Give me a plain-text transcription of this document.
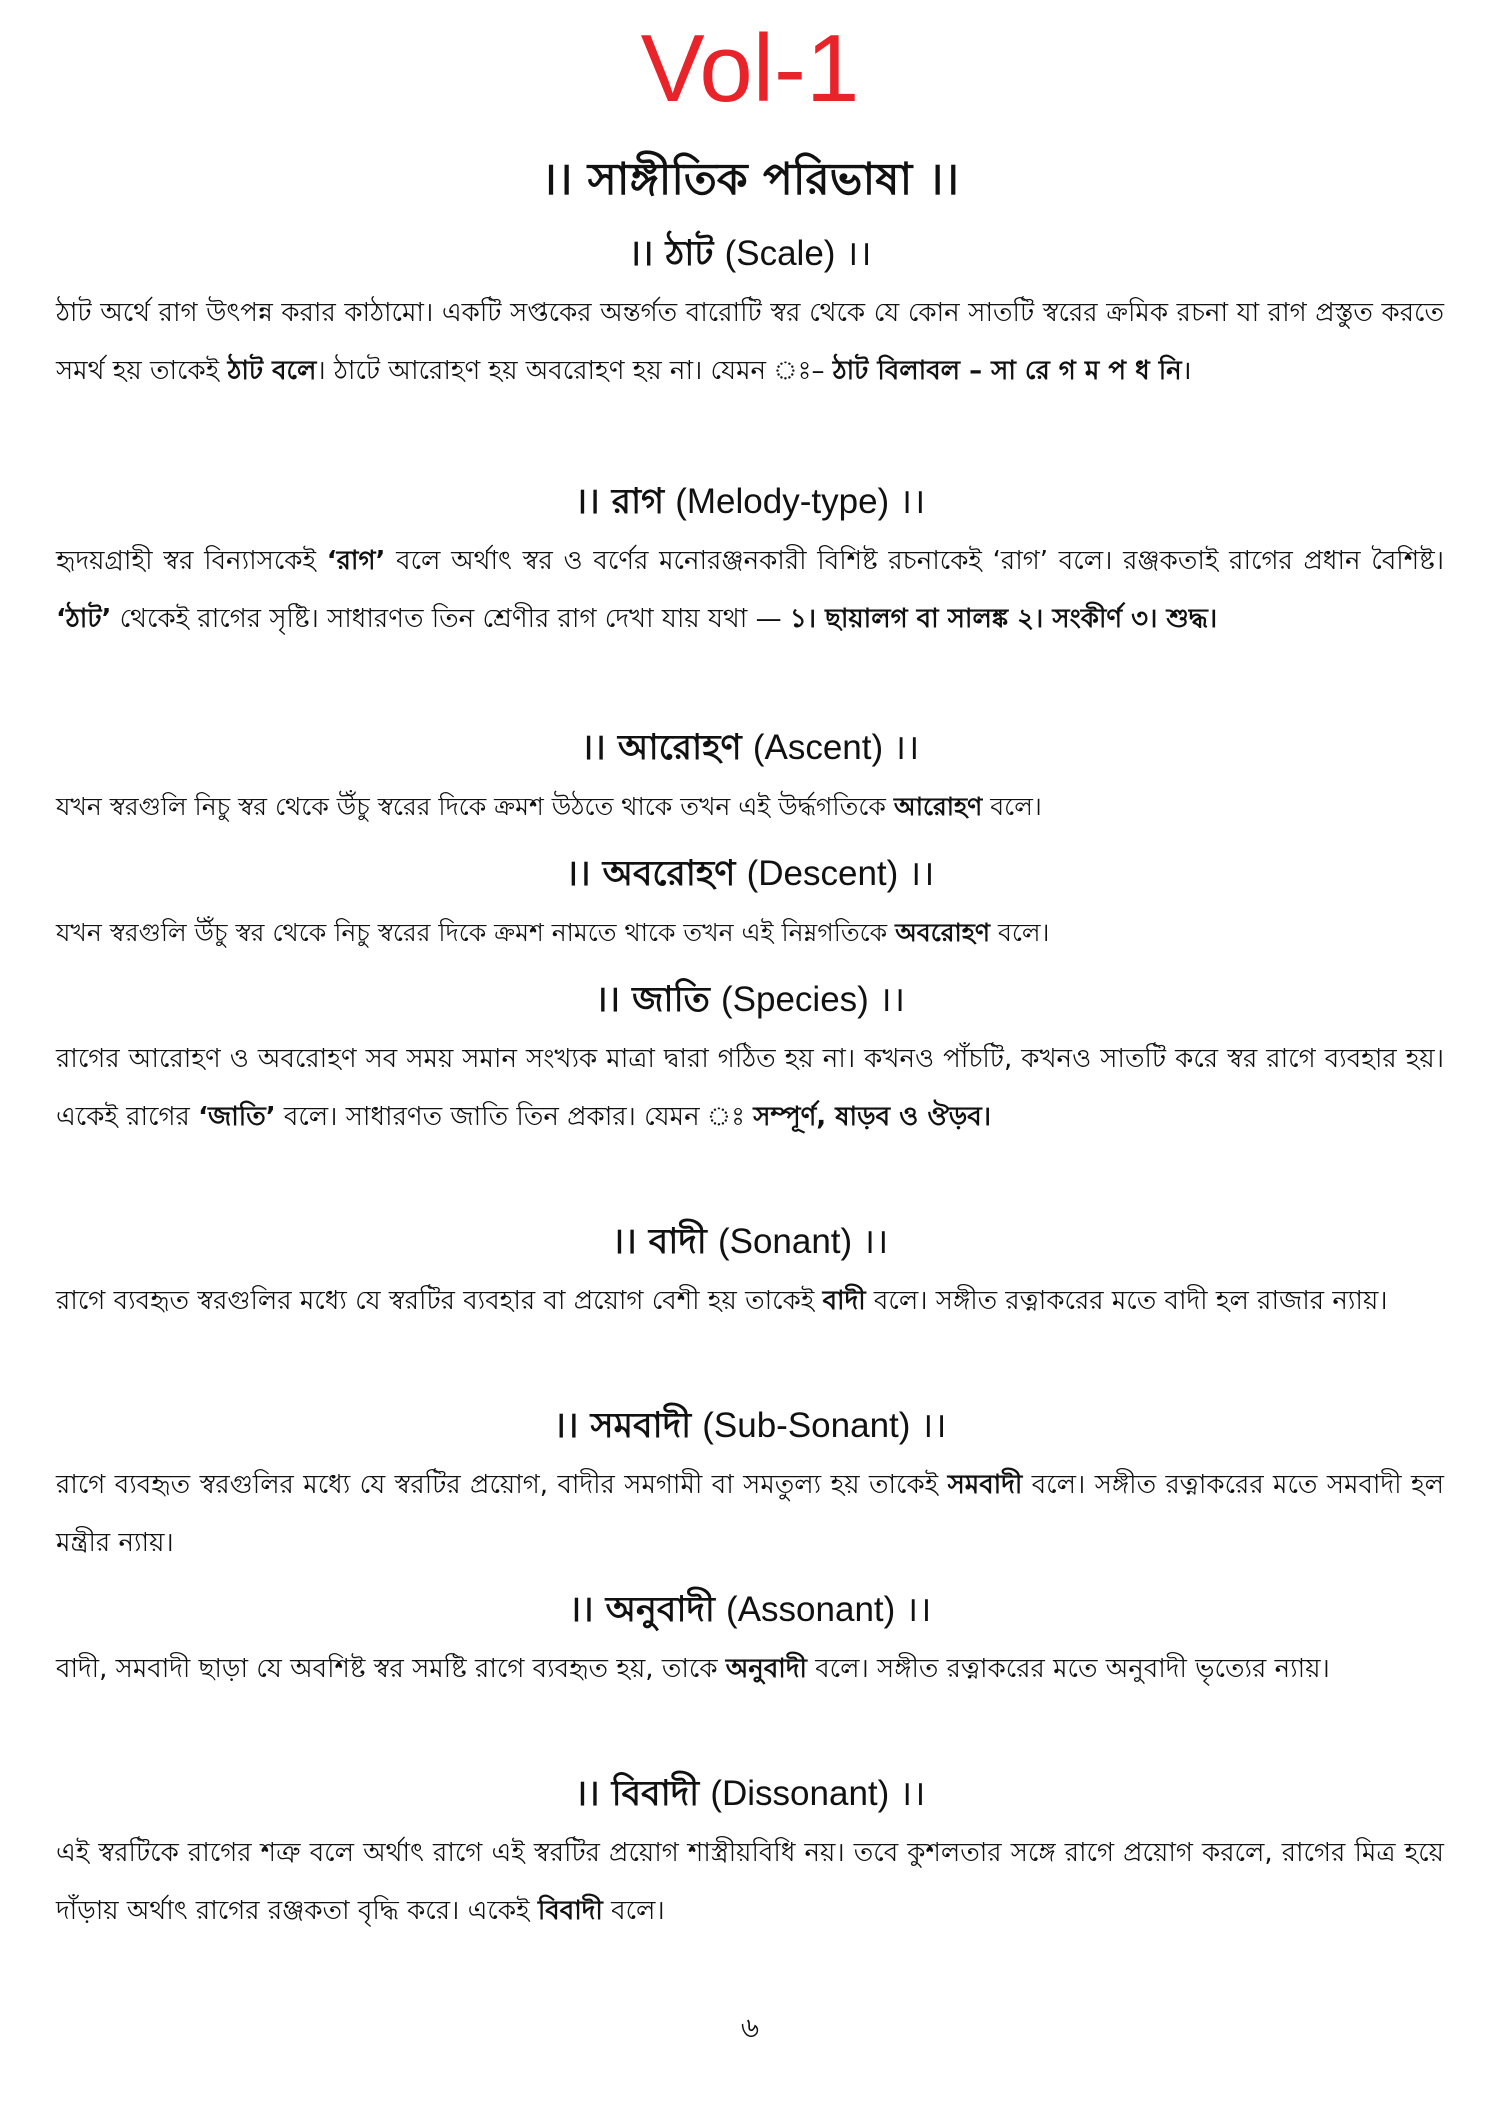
Vol-1
।। সাঙ্গীতিক পরিভাষা ।।
।। ঠাট (Scale) ।।
ঠাট অর্থে রাগ উৎপন্ন করার কাঠামো। একটি সপ্তকের অন্তর্গত বারোটি স্বর থেকে যে কোন সাতটি স্বরের ক্রমিক রচনা যা রাগ প্রস্তুত করতে সমর্থ হয় তাকেই ঠাট বলে। ঠাটে আরোহণ হয় অবরোহণ হয় না। যেমন ঃ– ঠাট বিলাবল – সা রে গ ম প ধ নি।
।। রাগ (Melody-type) ।।
হৃদয়গ্রাহী স্বর বিন্যাসকেই ‘রাগ’ বলে অর্থাৎ স্বর ও বর্ণের মনোরঞ্জনকারী বিশিষ্ট রচনাকেই ‘রাগ’ বলে। রঞ্জকতাই রাগের প্রধান বৈশিষ্ট। ‘ঠাট’ থেকেই রাগের সৃষ্টি। সাধারণত তিন শ্রেণীর রাগ দেখা যায় যথা — ১। ছায়ালগ বা সালঙ্ক ২। সংকীর্ণ ৩। শুদ্ধ।
।। আরোহণ (Ascent) ।।
যখন স্বরগুলি নিচু স্বর থেকে উঁচু স্বরের দিকে ক্রমশ উঠতে থাকে তখন এই উর্দ্ধগতিকে আরোহণ বলে।
।। অবরোহণ (Descent) ।।
যখন স্বরগুলি উঁচু স্বর থেকে নিচু স্বরের দিকে ক্রমশ নামতে থাকে তখন এই নিম্নগতিকে অবরোহণ বলে।
।। জাতি (Species) ।।
রাগের আরোহণ ও অবরোহণ সব সময় সমান সংখ্যক মাত্রা দ্বারা গঠিত হয় না। কখনও পাঁচটি, কখনও সাতটি করে স্বর রাগে ব্যবহার হয়। একেই রাগের ‘জাতি’ বলে। সাধারণত জাতি তিন প্রকার। যেমন ঃ সম্পূর্ণ, ষাড়ব ও ঔড়ব।
।। বাদী (Sonant) ।।
রাগে ব্যবহৃত স্বরগুলির মধ্যে যে স্বরটির ব্যবহার বা প্রয়োগ বেশী হয় তাকেই বাদী বলে। সঙ্গীত রত্নাকরের মতে বাদী হল রাজার ন্যায়।
।। সমবাদী (Sub-Sonant) ।।
রাগে ব্যবহৃত স্বরগুলির মধ্যে যে স্বরটির প্রয়োগ, বাদীর সমগামী বা সমতুল্য হয় তাকেই সমবাদী বলে। সঙ্গীত রত্নাকরের মতে সমবাদী হল মন্ত্রীর ন্যায়।
।। অনুবাদী (Assonant) ।।
বাদী, সমবাদী ছাড়া যে অবশিষ্ট স্বর সমষ্টি রাগে ব্যবহৃত হয়, তাকে অনুবাদী বলে। সঙ্গীত রত্নাকরের মতে অনুবাদী ভৃত্যের ন্যায়।
।। বিবাদী (Dissonant) ।।
এই স্বরটিকে রাগের শত্রু বলে অর্থাৎ রাগে এই স্বরটির প্রয়োগ শাস্ত্রীয়বিধি নয়। তবে কুশলতার সঙ্গে রাগে প্রয়োগ করলে, রাগের মিত্র হয়ে দাঁড়ায় অর্থাৎ রাগের রঞ্জকতা বৃদ্ধি করে। একেই বিবাদী বলে।
৬
